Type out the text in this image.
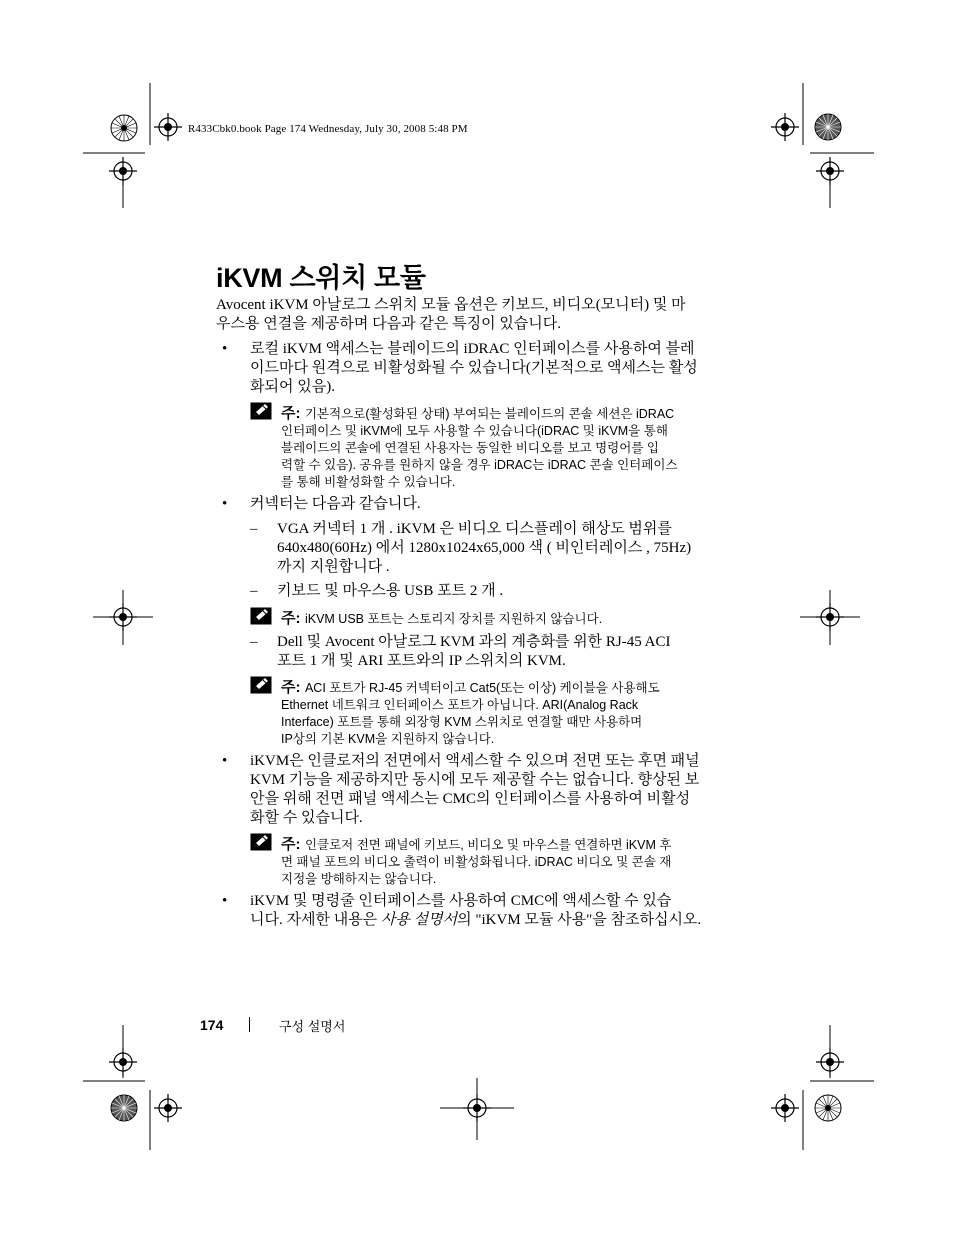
R433Cbk0.book Page 174 Wednesday, July 30, 2008 5:48 PM
iKVM 스위치 모듈
Avocent iKVM 아날로그 스위치 모듈 옵션은 키보드, 비디오(모니터) 및 마
우스용 연결을 제공하며 다음과 같은 특징이 있습니다.
• 로컬 iKVM 액세스는 블레이드의 iDRAC 인터페이스를 사용하여 블레
이드마다 원격으로 비활성화될 수 있습니다(기본적으로 액세스는 활성
화되어 있음).
주: 기본적으로(활성화된 상태) 부여되는 블레이드의 콘솔 세션은 iDRAC
인터페이스 및 iKVM에 모두 사용할 수 있습니다(iDRAC 및 iKVM을 통해
블레이드의 콘솔에 연결된 사용자는 동일한 비디오를 보고 명령어를 입
력할 수 있음). 공유를 원하지 않을 경우 iDRAC는 iDRAC 콘솔 인터페이스
를 통해 비활성화할 수 있습니다.
• 커넥터는 다음과 같습니다.
– VGA 커넥터 1 개 . iKVM 은 비디오 디스플레이 해상도 범위를
640x480(60Hz) 에서 1280x1024x65,000 색 ( 비인터레이스 , 75Hz)
까지 지원합니다 .
– 키보드 및 마우스용 USB 포트 2 개 .
주: iKVM USB 포트는 스토리지 장치를 지원하지 않습니다.
– Dell 및 Avocent 아날로그 KVM 과의 계층화를 위한 RJ-45 ACI
포트 1 개 및 ARI 포트와의 IP 스위치의 KVM.
주: ACI 포트가 RJ-45 커넥터이고 Cat5(또는 이상) 케이블을 사용해도
Ethernet 네트워크 인터페이스 포트가 아닙니다. ARI(Analog Rack
Interface) 포트를 통해 외장형 KVM 스위치로 연결할 때만 사용하며
IP상의 기본 KVM을 지원하지 않습니다.
• iKVM은 인클로저의 전면에서 액세스할 수 있으며 전면 또는 후면 패널
KVM 기능을 제공하지만 동시에 모두 제공할 수는 없습니다. 향상된 보
안을 위해 전면 패널 액세스는 CMC의 인터페이스를 사용하여 비활성
화할 수 있습니다.
주: 인클로저 전면 패널에 키보드, 비디오 및 마우스를 연결하면 iKVM 후
면 패널 포트의 비디오 출력이 비활성화됩니다. iDRAC 비디오 및 콘솔 재
지정을 방해하지는 않습니다.
• iKVM 및 명령줄 인터페이스를 사용하여 CMC에 액세스할 수 있습
니다. 자세한 내용은 사용 설명서의 "iKVM 모듈 사용"을 참조하십시오.
174	구성 설명서
